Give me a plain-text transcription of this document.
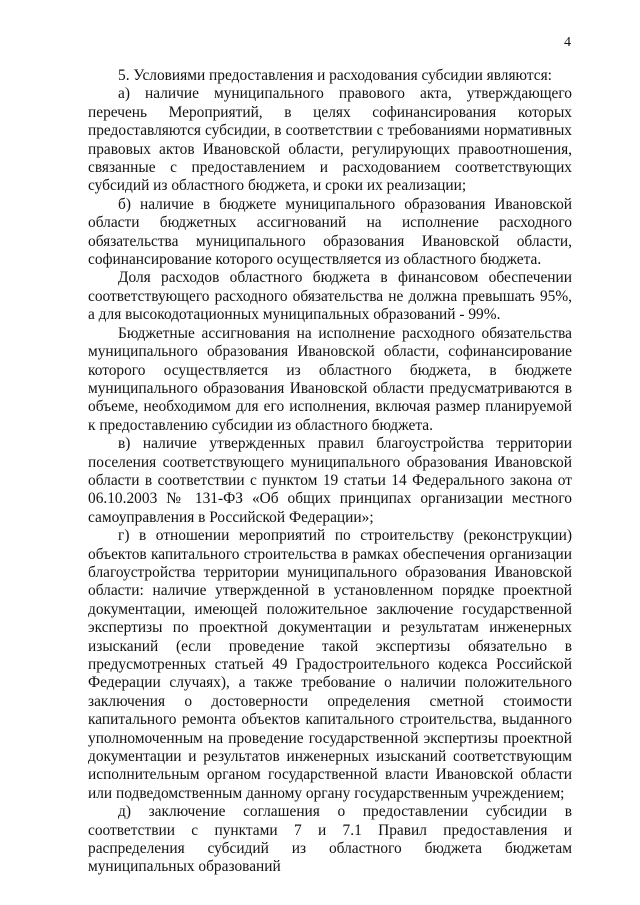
4

5. Условиями предоставления и расходования субсидии являются:

а) наличие муниципального правового акта, утверждающего перечень Мероприятий, в целях софинансирования которых предоставляются субсидии, в соответствии с требованиями нормативных правовых актов Ивановской области, регулирующих правоотношения, связанные с предоставлением и расходованием соответствующих субсидий из областного бюджета, и сроки их реализации;

б) наличие в бюджете муниципального образования Ивановской области бюджетных ассигнований на исполнение расходного обязательства муниципального образования Ивановской области, софинансирование которого осуществляется из областного бюджета.

Доля расходов областного бюджета в финансовом обеспечении соответствующего расходного обязательства не должна превышать 95%, а для высокодотационных муниципальных образований - 99%.

Бюджетные ассигнования на исполнение расходного обязательства муниципального образования Ивановской области, софинансирование которого осуществляется из областного бюджета, в бюджете муниципального образования Ивановской области предусматриваются в объеме, необходимом для его исполнения, включая размер планируемой к предоставлению субсидии из областного бюджета.

в) наличие утвержденных правил благоустройства территории поселения соответствующего муниципального образования Ивановской области в соответствии с пунктом 19 статьи 14 Федерального закона от 06.10.2003 № 131-ФЗ «Об общих принципах организации местного самоуправления в Российской Федерации»;

г) в отношении мероприятий по строительству (реконструкции) объектов капитального строительства в рамках обеспечения организации благоустройства территории муниципального образования Ивановской области: наличие утвержденной в установленном порядке проектной документации, имеющей положительное заключение государственной экспертизы по проектной документации и результатам инженерных изысканий (если проведение такой экспертизы обязательно в предусмотренных статьей 49 Градостроительного кодекса Российской Федерации случаях), а также требование о наличии положительного заключения о достоверности определения сметной стоимости капитального ремонта объектов капитального строительства, выданного уполномоченным на проведение государственной экспертизы проектной документации и результатов инженерных изысканий соответствующим исполнительным органом государственной власти Ивановской области или подведомственным данному органу государственным учреждением;

д) заключение соглашения о предоставлении субсидии в соответствии с пунктами 7 и 7.1 Правил предоставления и распределения субсидий из областного бюджета бюджетам муниципальных образований
